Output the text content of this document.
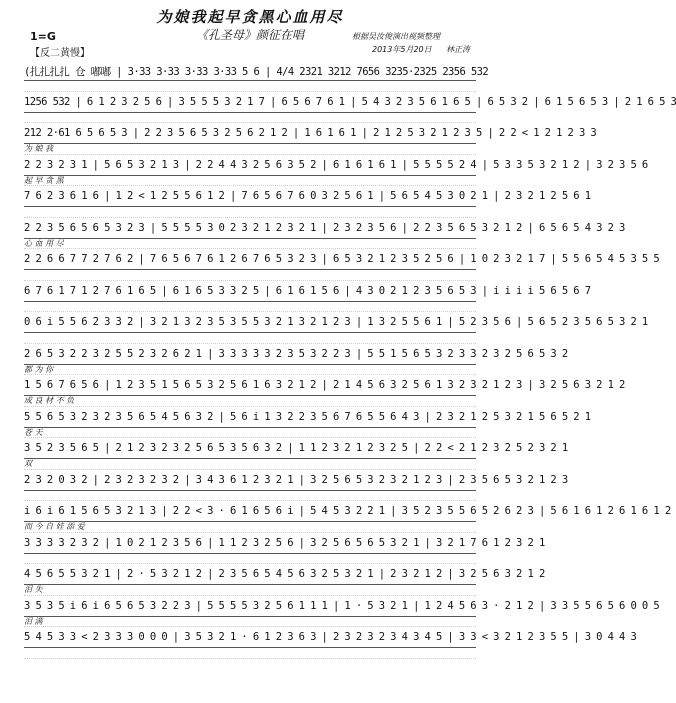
为娘我起早贪黑心血用尽
《孔圣母》颜征在唱
1=G
【反二黄慢】
根据吴汝俊演出视频整理
2013年5月20日 林正涛
(扎扎扎扎 仓 嘟嘟 | 3·33 3·33 3·33 3·33 5 6 | 4/4 2321 3212 7656 3235·2325 2356 532
1256 532 | 6 1 2 3 2 5 6 | 3 5 5 5 3 2 1 7 | 6 5 6 7 6 1 | 5 4 3 2 3 5 6 1 6 5 | 6 5 3 2 | 6 1 5 6 5 3 | 2 1 6 5 3
212 2·61 6 5 6 5 3 | 2 2 3 5 6 5 3 2 5 6 2 1 2 | 1 6 1 6 1 | 2 1 2 5 3 2 1 2 3 5 | 2 2 < 1 2 1 2 3 3
为 娘 我
2 2 3 2 3 1 | 5 6 5 3 2 1 3 | 2 2 4 4 3 2 5 6 3 5 2 | 6 1 6 1 6 1 | 5 5 5 5 2 4 | 5 3 3 5 3 2 1 2 | 3 2 3 5 6
起 早 贪 黑
7 6 2 3 6 1 6 | 1 2 < 1 2 5 5 6 1 2 | 7 6 5 6 7 6 0 3 2 5 6 1 | 5 6 5 4 5 3 0 2 1 | 2 3 2 1 2 5 6 1
2 2 3 5 6 5 6 5 3 2 3 | 5 5 5 5 3 0 2 3 2 1 2 3 2 1 | 2 3 2 3 5 6 | 2 2 3 5 6 5 3 2 1 2 | 6 5 6 5 4 3 2 3
心 血 用 尽
2 2 6 6 7 7 2 7 6 2 | 7 6 5 6 7 6 1 2 6 7 6 5 3 2 3 | 6 5 3 2 1 2 3 5 2 5 6 | 1 0 2 3 2 1 7 | 5 5 6 5 4 5 3 5 5
6 7 6 1 7 1 2 7 6 1 6 5 | 6 1 6 5 3 3 2 5 | 6 1 6 1 5 6 | 4 3 0 2 1 2 3 5 6 5 3 | i i i i 5 6 5 6 7
0 6 i 5 5 6 2 3 3 2 | 3 2 1 3 2 3 5 3 5 5 3 2 1 3 2 1 2 3 | 1 3 2 5 5 6 1 | 5 2 3 5 6 | 5 6 5 2 3 5 6 5 3 2 1
2 6 5 3 2 2 3 2 5 5 2 3 2 6 2 1 | 3 3 3 3 3 2 3 5 3 2 2 3 | 5 5 1 5 6 5 3 2 3 3 2 3 2 5 6 5 3 2
都 为 你
1 5 6 7 6 5 6 | 1 2 3 5 1 5 6 5 3 2 5 6 1 6 3 2 1 2 | 2 1 4 5 6 3 2 5 6 1 3 2 3 2 1 2 3 | 3 2 5 6 3 2 1 2
成 良 材 不 负
5 5 6 5 3 2 3 2 3 5 6 5 4 5 6 3 2 | 5 6 i 1 3 2 2 3 5 6 7 6 5 5 6 4 3 | 2 3 2 1 2 5 3 2 1 5 6 5 2 1
苍 天
3 5 2 3 5 6 5 | 2 1 2 3 2 3 2 5 6 5 3 5 6 3 2 | 1 1 2 3 2 1 2 3 2 5 | 2 2 < 2 1 2 3 2 5 2 3 2 1
双
2 3 2 0 3 2 | 2 3 2 3 2 3 2 | 3 4 3 6 1 2 3 2 1 | 3 2 5 6 5 3 2 3 2 1 2 3 | 2 3 5 6 5 3 2 1 2 3
i 6 i 6 1 5 6 5 3 2 1 3 | 2 2 < 3 · 6 1 6 5 6 i | 5 4 5 3 2 2 1 | 3 5 2 3 5 5 6 5 2 6 2 3 | 5 6 1 6 1 2 6 1 6 1 2
而 今 自 娃 添 爱
3 3 3 3 2 3 2 | 1 0 2 1 2 3 5 6 | 1 1 2 3 2 5 6 | 3 2 5 6 5 6 5 3 2 1 | 3 2 1 7 6 1 2 3 2 1
4 5 6 5 5 3 2 1 | 2 · 5 3 2 1 2 | 2 3 5 6 5 4 5 6 3 2 5 3 2 1 | 2 3 2 1 2 | 3 2 5 6 3 2 1 2
泪 失
3 5 3 5 i 6 i 6 5 6 5 3 2 2 3 | 5 5 5 5 3 2 5 6 1 1 1 | 1 · 5 3 2 1 | 1 2 4 5 6 3 · 2 1 2 | 3 3 5 5 6 5 6 0 0 5
泪 满
5 4 5 3 3 < 2 3 3 3 0 0 0 | 3 5 3 2 1 · 6 1 2 3 6 3 | 2 3 2 3 2 3 4 3 4 5 | 3 3 < 3 2 1 2 3 5 5 | 3 0 4 4 3
